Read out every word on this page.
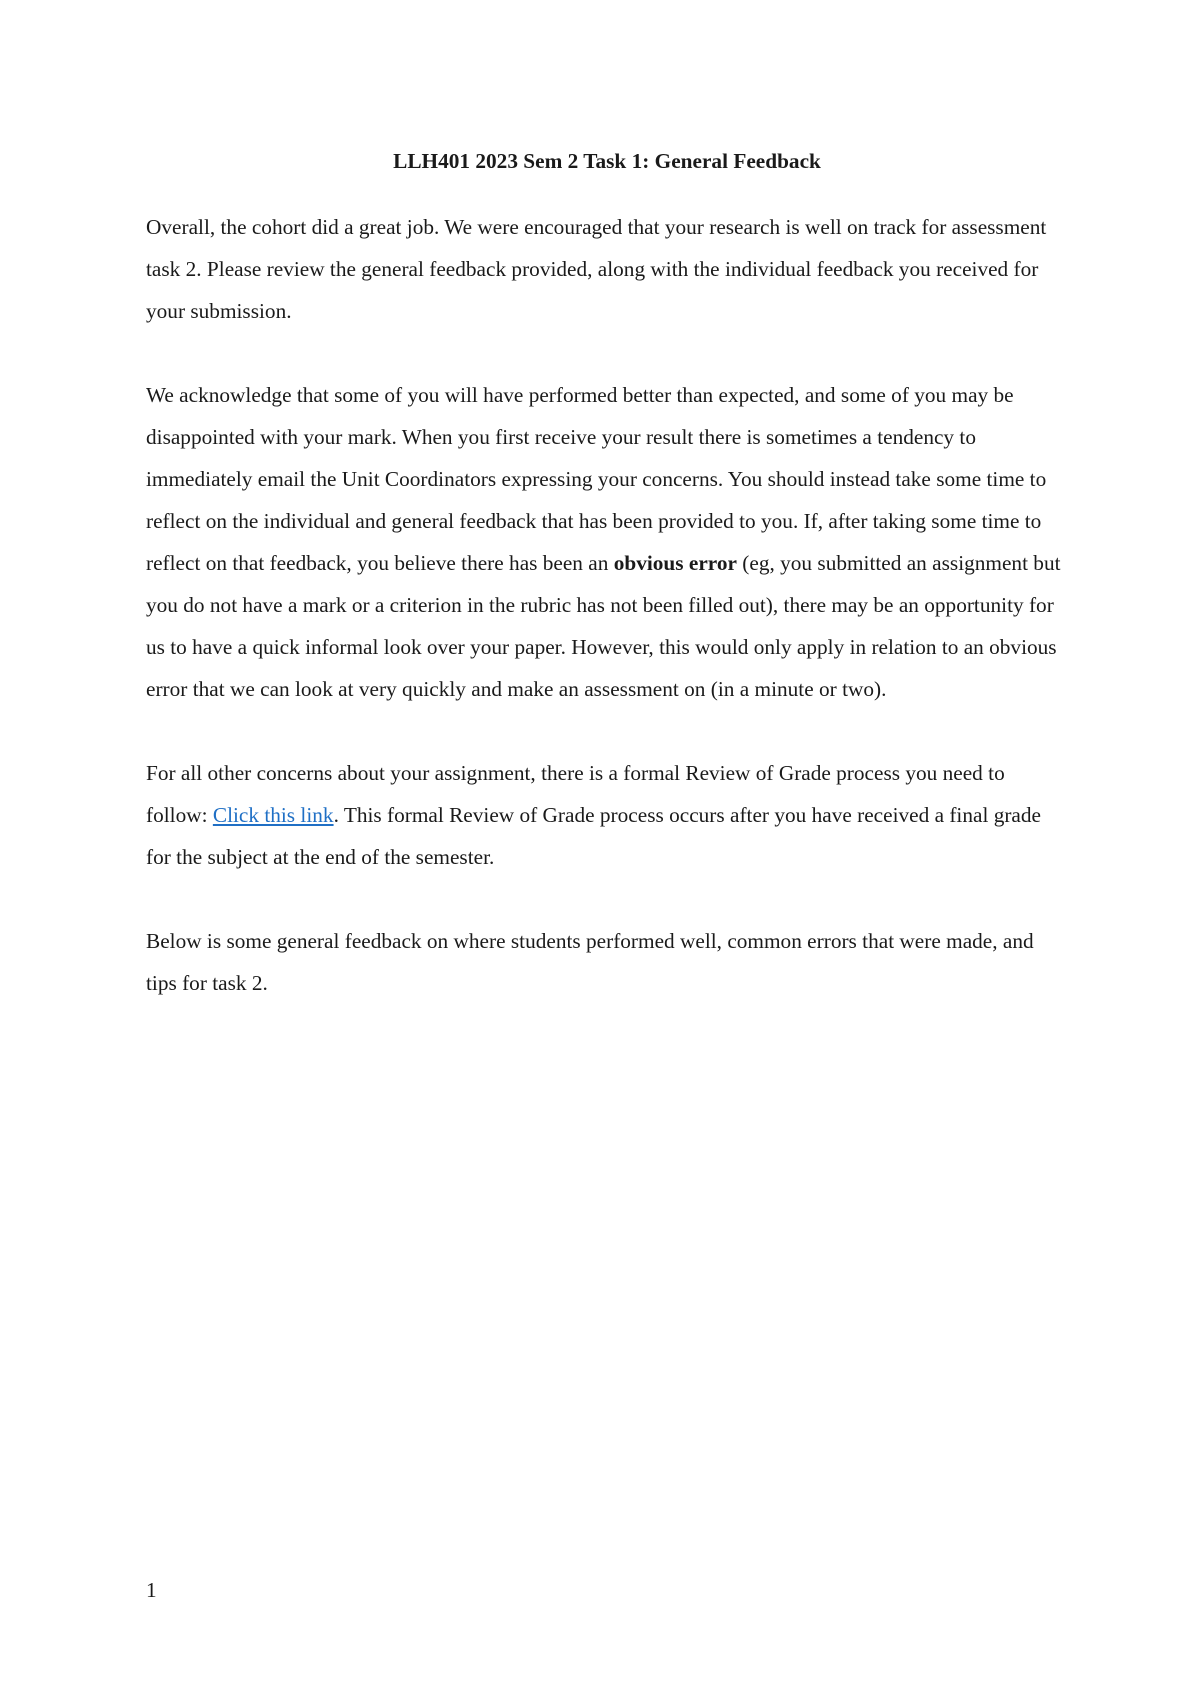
LLH401 2023 Sem 2 Task 1: General Feedback

Overall, the cohort did a great job. We were encouraged that your research is well on track for assessment task 2. Please review the general feedback provided, along with the individual feedback you received for your submission.

We acknowledge that some of you will have performed better than expected, and some of you may be disappointed with your mark. When you first receive your result there is sometimes a tendency to immediately email the Unit Coordinators expressing your concerns. You should instead take some time to reflect on the individual and general feedback that has been provided to you. If, after taking some time to reflect on that feedback, you believe there has been an obvious error (eg, you submitted an assignment but you do not have a mark or a criterion in the rubric has not been filled out), there may be an opportunity for us to have a quick informal look over your paper. However, this would only apply in relation to an obvious error that we can look at very quickly and make an assessment on (in a minute or two).

For all other concerns about your assignment, there is a formal Review of Grade process you need to follow: Click this link. This formal Review of Grade process occurs after you have received a final grade for the subject at the end of the semester.

Below is some general feedback on where students performed well, common errors that were made, and tips for task 2.

1
